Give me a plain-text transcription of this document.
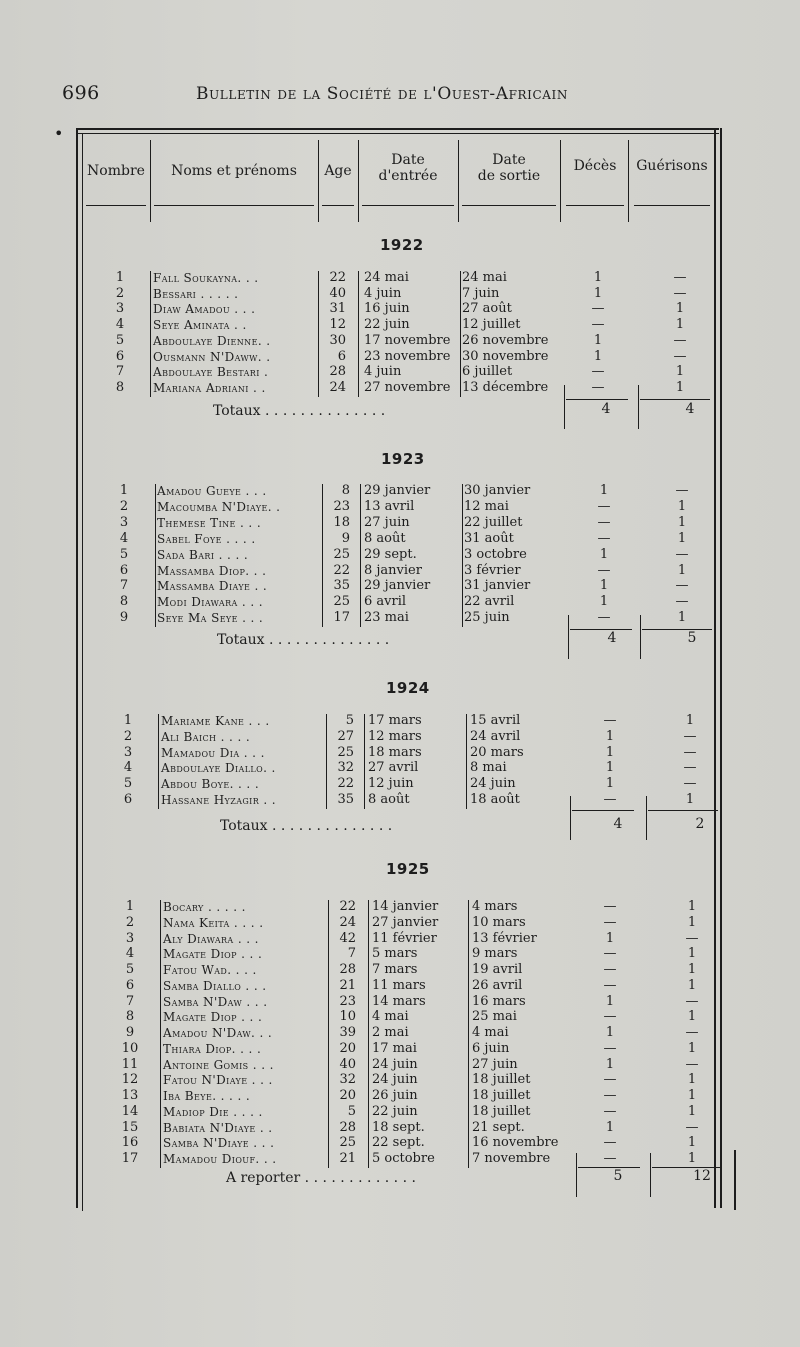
696	Bulletin de la Société de l'Ouest-Africain
•
Nombre	Noms et prénoms	Age
Date
d'entrée
Date
de sortie
Décès	Guérisons
1922
1	Fall Soukayna. . .	22 24 mai	24 mai	1	—
2	Bessari . . . . .	40 4 juin	7 juin	1	—
3	Diaw Amadou . . .	31 16 juin	27 août	—	1
4	Seye Aminata . .	12 22 juin	12 juillet	—	1
5	Abdoulaye Dienne. .	30 17 novembre 26 novembre	1	—
6	Ousmann N'Daww. .	6 23 novembre 30 novembre	1	—
7	Abdoulaye Bestari .	28 4 juin	6 juillet	—	1
8	Mariana Adriani . .	24 27 novembre 13 décembre	—	1
Totaux . . . . . . . . . . . . . .	4	4
1923
1	Amadou Gueye . . .	8 29 janvier	30 janvier	1	—
2	Macoumba N'Diaye. .	23 13 avril	12 mai	—	1
3	Themese Tine . . .	18 27 juin	22 juillet	—	1
4	Sabel Foye . . . .	9 8 août	31 août	—	1
5	Sada Bari . . . .	25 29 sept.	3 octobre	1	—
6	Massamba Diop. . .	22 8 janvier	3 février	—	1
7	Massamba Diaye . .	35 29 janvier	31 janvier	1	—
8	Modi Diawara . . .	25 6 avril	22 avril	1	—
9	Seye Ma Seye . . .	17 23 mai	25 juin	—	1
Totaux . . . . . . . . . . . . . .	4	5
1924
1	Mariame Kane . . .	5 17 mars	15 avril	—	1
2	Ali Baich . . . .	27 12 mars	24 avril	1	—
3	Mamadou Dia . . .	25 18 mars	20 mars	1	—
4	Abdoulaye Diallo. .	32 27 avril	8 mai	1	—
5	Abdou Boye. . . .	22 12 juin	24 juin	1	—
6	Hassane Hyzagir . .	35 8 août	18 août	—	1
Totaux . . . . . . . . . . . . . .	4	2
1925
1	Bocary . . . . .	22 14 janvier	4 mars	—	1
2	Nama Keita . . . .	24 27 janvier	10 mars	—	1
3	Aly Diawara . . .	42 11 février	13 février	1	—
4	Magate Diop . . .	7 5 mars	9 mars	—	1
5	Fatou Wad. . . .	28 7 mars	19 avril	—	1
6	Samba Diallo . . .	21 11 mars	26 avril	—	1
7	Samba N'Daw . . .	23 14 mars	16 mars	1	—
8	Magate Diop . . .	10 4 mai	25 mai	—	1
9	Amadou N'Daw. . .	39 2 mai	4 mai	1	—
10	Thiara Diop. . . .	20 17 mai	6 juin	—	1
11	Antoine Gomis . . .	40 24 juin	27 juin	1	—
12	Fatou N'Diaye . . .	32 24 juin	18 juillet	—	1
13	Iba Beye. . . . .	20 26 juin	18 juillet	—	1
14	Madiop Die . . . .	5 22 juin	18 juillet	—	1
15	Babiata N'Diaye . .	28 18 sept.	21 sept.	1	—
16	Samba N'Diaye . . .	25 22 sept.	16 novembre	—	1
17	Mamadou Diouf. . .	21 5 octobre	7 novembre	—	1
A reporter . . . . . . . . . . . . .	5	12
